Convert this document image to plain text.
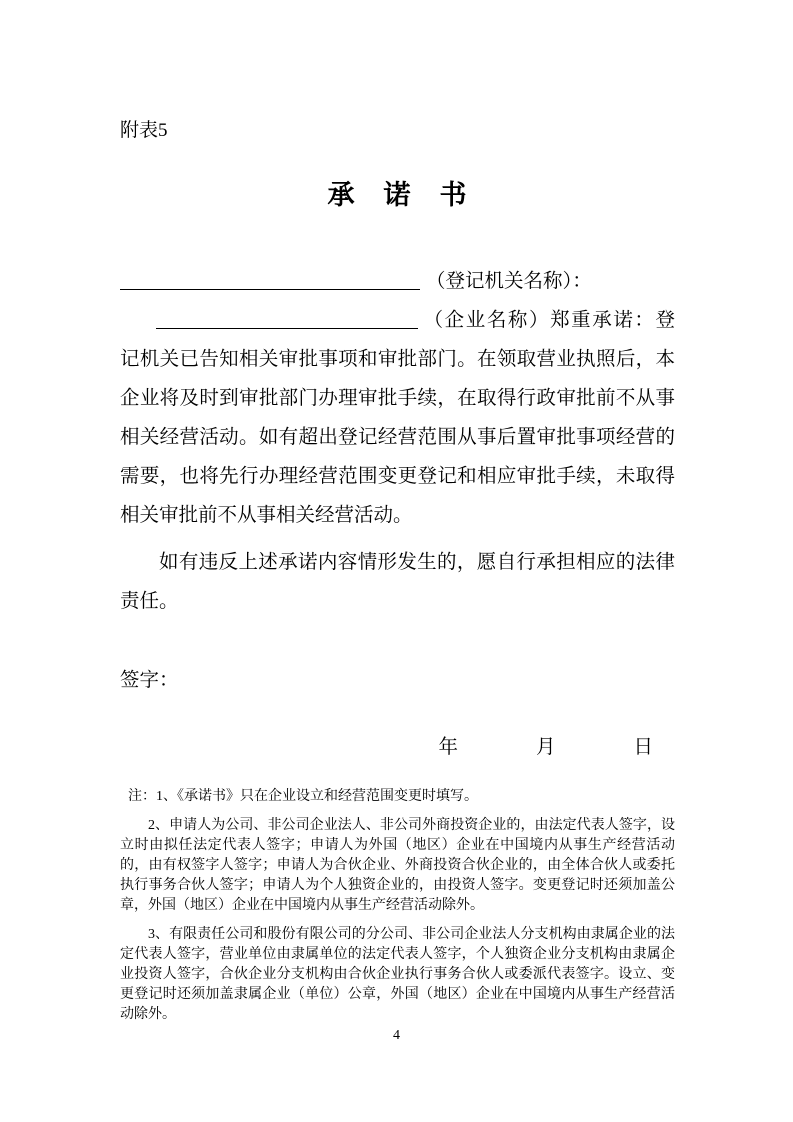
附表5
承　诺　书

（登记机关名称）：

（企业名称）郑重承诺：登记机关已告知相关审批事项和审批部门。在领取营业执照后，本企业将及时到审批部门办理审批手续，在取得行政审批前不从事相关经营活动。如有超出登记经营范围从事后置审批事项经营的需要，也将先行办理经营范围变更登记和相应审批手续，未取得相关审批前不从事相关经营活动。

如有违反上述承诺内容情形发生的，愿自行承担相应的法律责任。

签字：

年　　　　月　　　　日

注：1、《承诺书》只在企业设立和经营范围变更时填写。

2、申请人为公司、非公司企业法人、非公司外商投资企业的，由法定代表人签字，设立时由拟任法定代表人签字；申请人为外国（地区）企业在中国境内从事生产经营活动的，由有权签字人签字；申请人为合伙企业、外商投资合伙企业的，由全体合伙人或委托执行事务合伙人签字；申请人为个人独资企业的，由投资人签字。变更登记时还须加盖公章，外国（地区）企业在中国境内从事生产经营活动除外。

3、有限责任公司和股份有限公司的分公司、非公司企业法人分支机构由隶属企业的法定代表人签字，营业单位由隶属单位的法定代表人签字，个人独资企业分支机构由隶属企业投资人签字，合伙企业分支机构由合伙企业执行事务合伙人或委派代表签字。设立、变更登记时还须加盖隶属企业（单位）公章，外国（地区）企业在中国境内从事生产经营活动除外。

4
